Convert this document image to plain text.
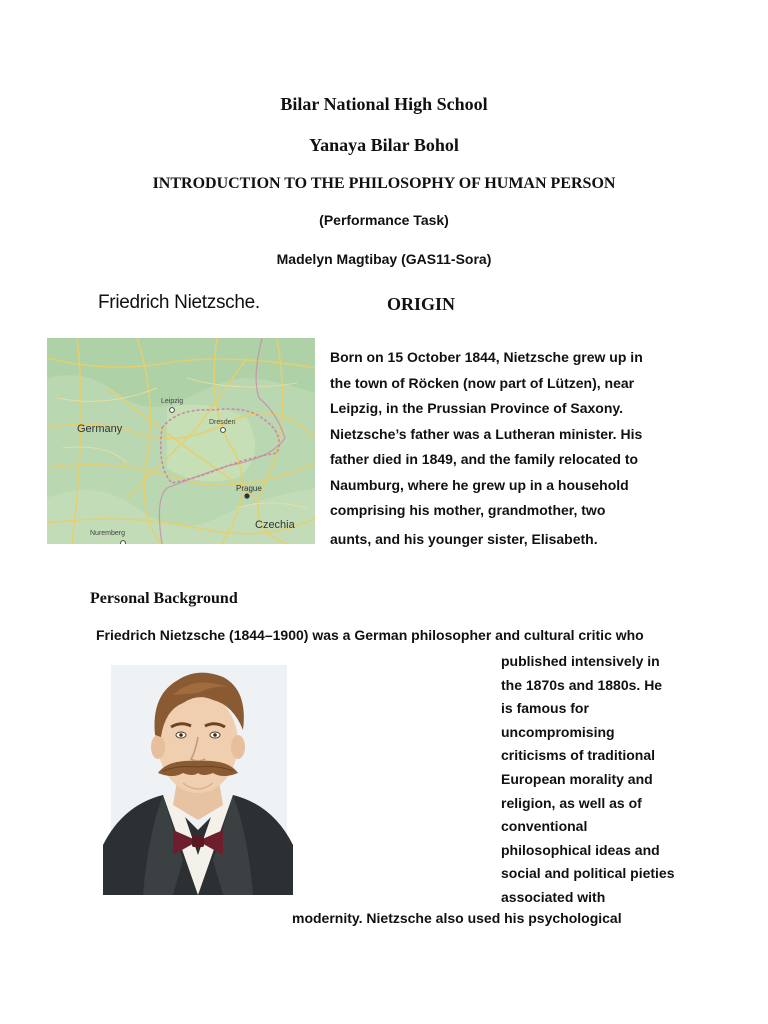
Bilar National High School
Yanaya Bilar Bohol
INTRODUCTION TO THE PHILOSOPHY OF HUMAN PERSON
(Performance Task)
Madelyn Magtibay (GAS11-Sora)
Friedrich Nietzsche.	ORIGIN
Germany
Leipzig
Dresden
Prague
Czechia
Nuremberg
Born on 15 October 1844, Nietzsche grew up in
the town of Röcken (now part of Lützen), near
Leipzig, in the Prussian Province of Saxony.
Nietzsche’s father was a Lutheran minister. His
father died in 1849, and the family relocated to
Naumburg, where he grew up in a household
comprising his mother, grandmother, two
aunts, and his younger sister, Elisabeth.
Personal Background
Friedrich Nietzsche (1844–1900) was a German philosopher and cultural critic who
published intensively in
the 1870s and 1880s. He
is famous for
uncompromising
criticisms of traditional
European morality and
religion, as well as of
conventional
philosophical ideas and
social and political pieties
associated with
modernity. Nietzsche also used his psychological
